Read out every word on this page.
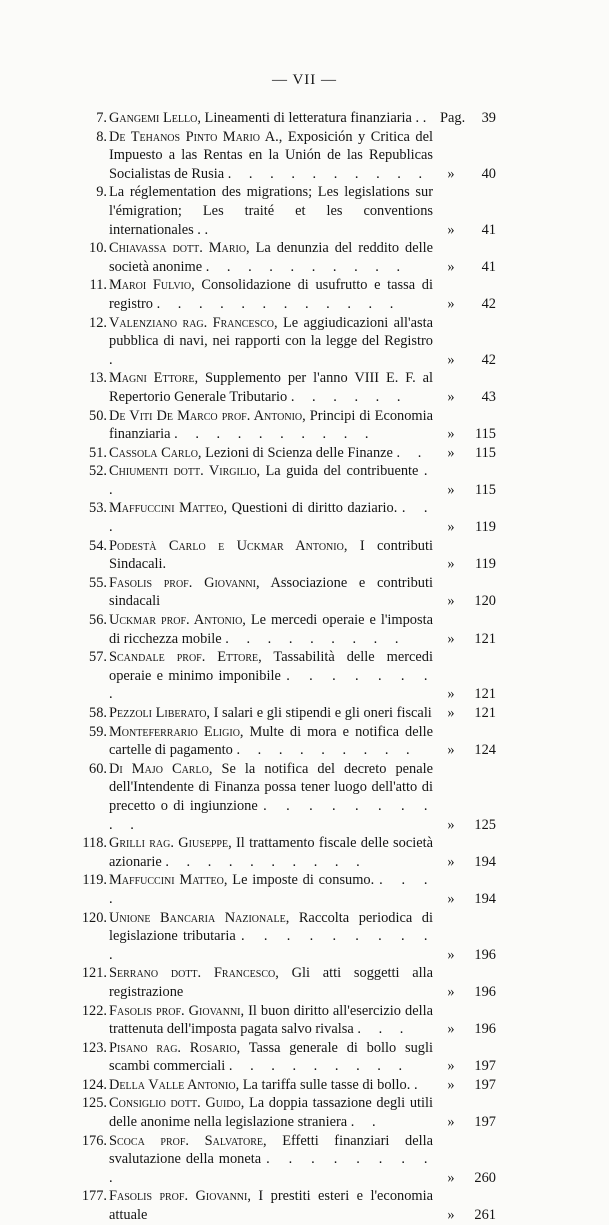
— VII —
7. Gangemi Lello, Lineamenti di letteratura finanziaria . . Pag. 39
8. De Tehanos Pinto Mario A., Exposición y Critica del Impuesto a las Rentas en la Unión de las Republicas Socialistas de Rusia . . . . . . . . . .	»	40
9. La réglementation des migrations; Les legislations sur l'émigration; Les traité et les conventions internationales . .	»	41
10. Chiavassa dott. Mario, La denunzia del reddito delle società anonime . . . . . . . . . .	»	41
11. Maroi Fulvio, Consolidazione di usufrutto e tassa di registro . . . . . . . . . . . .	»	42
12. Valenziano rag. Francesco, Le aggiudicazioni all'asta pubblica di navi, nei rapporti con la legge del Registro .	»	42
13. Magni Ettore, Supplemento per l'anno VIII E. F. al Repertorio Generale Tributario . . . . . .	»	43
50. De Viti De Marco prof. Antonio, Principi di Economia finanziaria . . . . . . . . . .	»	115
51. Cassola Carlo, Lezioni di Scienza delle Finanze . .	»	115
52. Chiumenti dott. Virgilio, La guida del contribuente . .	»	115
53. Maffuccini Matteo, Questioni di diritto daziario. . . .	»	119
54. Podestà Carlo e Uckmar Antonio, I contributi Sindacali.	»	119
55. Fasolis prof. Giovanni, Associazione e contributi sindacali	»	120
56. Uckmar prof. Antonio, Le mercedi operaie e l'imposta di ricchezza mobile . . . . . . . . .	»	121
57. Scandale prof. Ettore, Tassabilità delle mercedi operaie e minimo imponibile . . . . . . . .	»	121
58. Pezzoli Liberato, I salari e gli stipendi e gli oneri fiscali	»	121
59. Monteferrario Eligio, Multe di mora e notifica delle cartelle di pagamento . . . . . . . . .	»	124
60. Di Majo Carlo, Se la notifica del decreto penale dell'Intendente di Finanza possa tener luogo dell'atto di precetto o di ingiunzione . . . . . . . . . .	»	125
118. Grilli rag. Giuseppe, Il trattamento fiscale delle società azionarie . . . . . . . . . .	»	194
119. Maffuccini Matteo, Le imposte di consumo. . . . .	»	194
120. Unione Bancaria Nazionale, Raccolta periodica di legislazione tributaria . . . . . . . . . .	»	196
121. Serrano dott. Francesco, Gli atti soggetti alla registrazione	»	196
122. Fasolis prof. Giovanni, Il buon diritto all'esercizio della trattenuta dell'imposta pagata salvo rivalsa . . .	»	196
123. Pisano rag. Rosario, Tassa generale di bollo sugli scambi commerciali . . . . . . . . .	»	197
124. Della Valle Antonio, La tariffa sulle tasse di bollo. .	»	197
125. Consiglio dott. Guido, La doppia tassazione degli utili delle anonime nella legislazione straniera . .	»	197
176. Scoca prof. Salvatore, Effetti finanziari della svalutazione della moneta . . . . . . . . .	»	260
177. Fasolis prof. Giovanni, I prestiti esteri e l'economia attuale	»	261
